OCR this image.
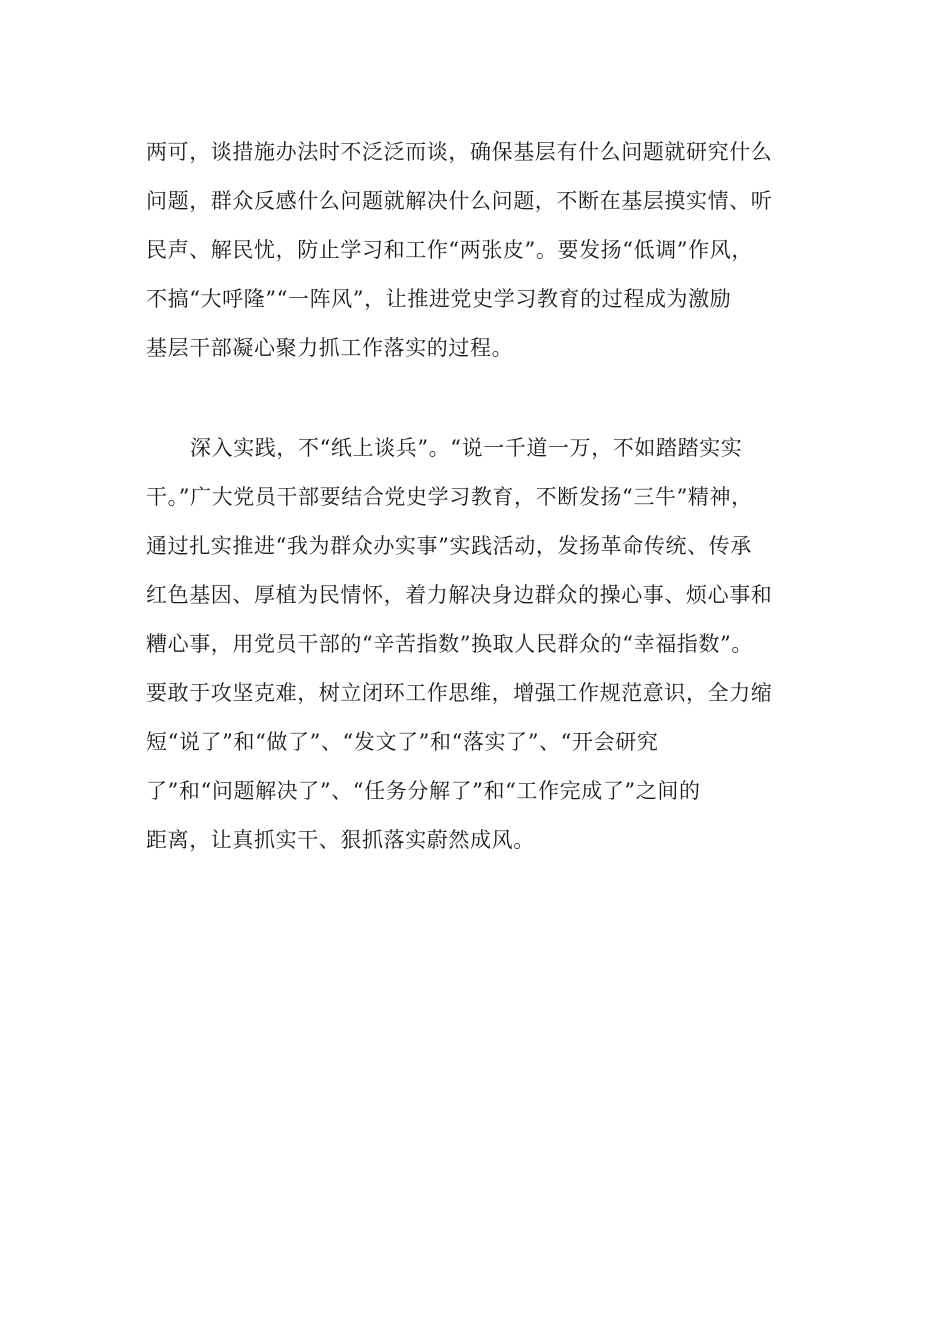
两可，谈措施办法时不泛泛而谈，确保基层有什么问题就研究什么
问题，群众反感什么问题就解决什么问题，不断在基层摸实情、听
民声、解民忧，防止学习和工作“两张皮”。要发扬“低调”作风，
不搞“大呼隆”“一阵风”，让推进党史学习教育的过程成为激励
基层干部凝心聚力抓工作落实的过程。
深入实践，不“纸上谈兵”。“说一千道一万，不如踏踏实实
干。”广大党员干部要结合党史学习教育，不断发扬“三牛”精神，
通过扎实推进“我为群众办实事”实践活动，发扬革命传统、传承
红色基因、厚植为民情怀，着力解决身边群众的操心事、烦心事和
糟心事，用党员干部的“辛苦指数”换取人民群众的“幸福指数”。
要敢于攻坚克难，树立闭环工作思维，增强工作规范意识，全力缩
短“说了”和“做了”、“发文了”和“落实了”、“开会研究
了”和“问题解决了”、“任务分解了”和“工作完成了”之间的
距离，让真抓实干、狠抓落实蔚然成风。
